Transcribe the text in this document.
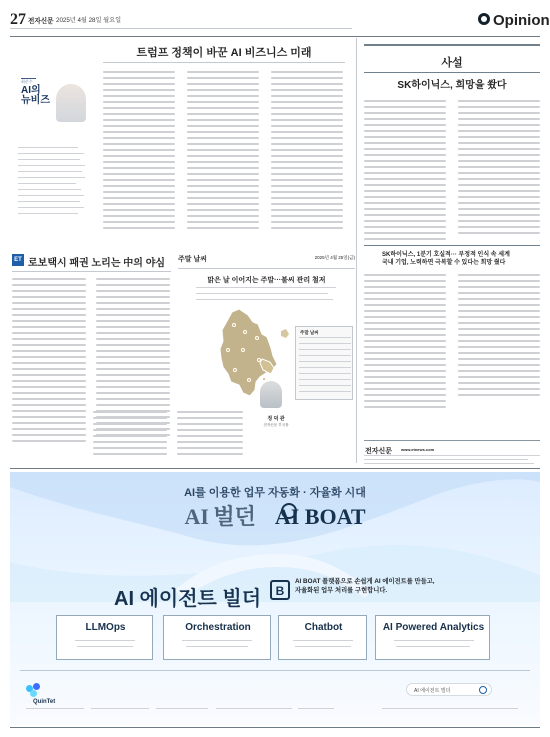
27 전자신문 2025년 4월 28일 월요일	Opinion
최준수
AI의
뉴비즈
트럼프 정책이 바꾼 AI 비즈니스 미래
사설
SK하이닉스, 희망을 쐈다
SK하이닉스, 1분기 호실적··· 부정적 인식 속 세계
국내 기업, 노력하면 극복할 수 있다는 희망 줬다
ET 로보택시 패권 노리는 中의 야심 주말 날씨	2025년 4월 25일(금)
맑은 날 이어지는 주말···불씨 관리 철저
주말 날씨
정 덕 관
전자신문 부국장
전자신문 www.etnews.com
AI를 이용한 업무 자동화 · 자율화 시대
AI 벌던 AI BOAT
AI 에이전트 빌더	B
AI BOAT 플랫폼으로 손쉽게 AI 에이전트를 만들고,
자율화된 업무 처리를 구현합니다.
LLMOps	Orchestration	Chatbot	AI Powered Analytics
QuinTet
AI 에이전트 빌더
